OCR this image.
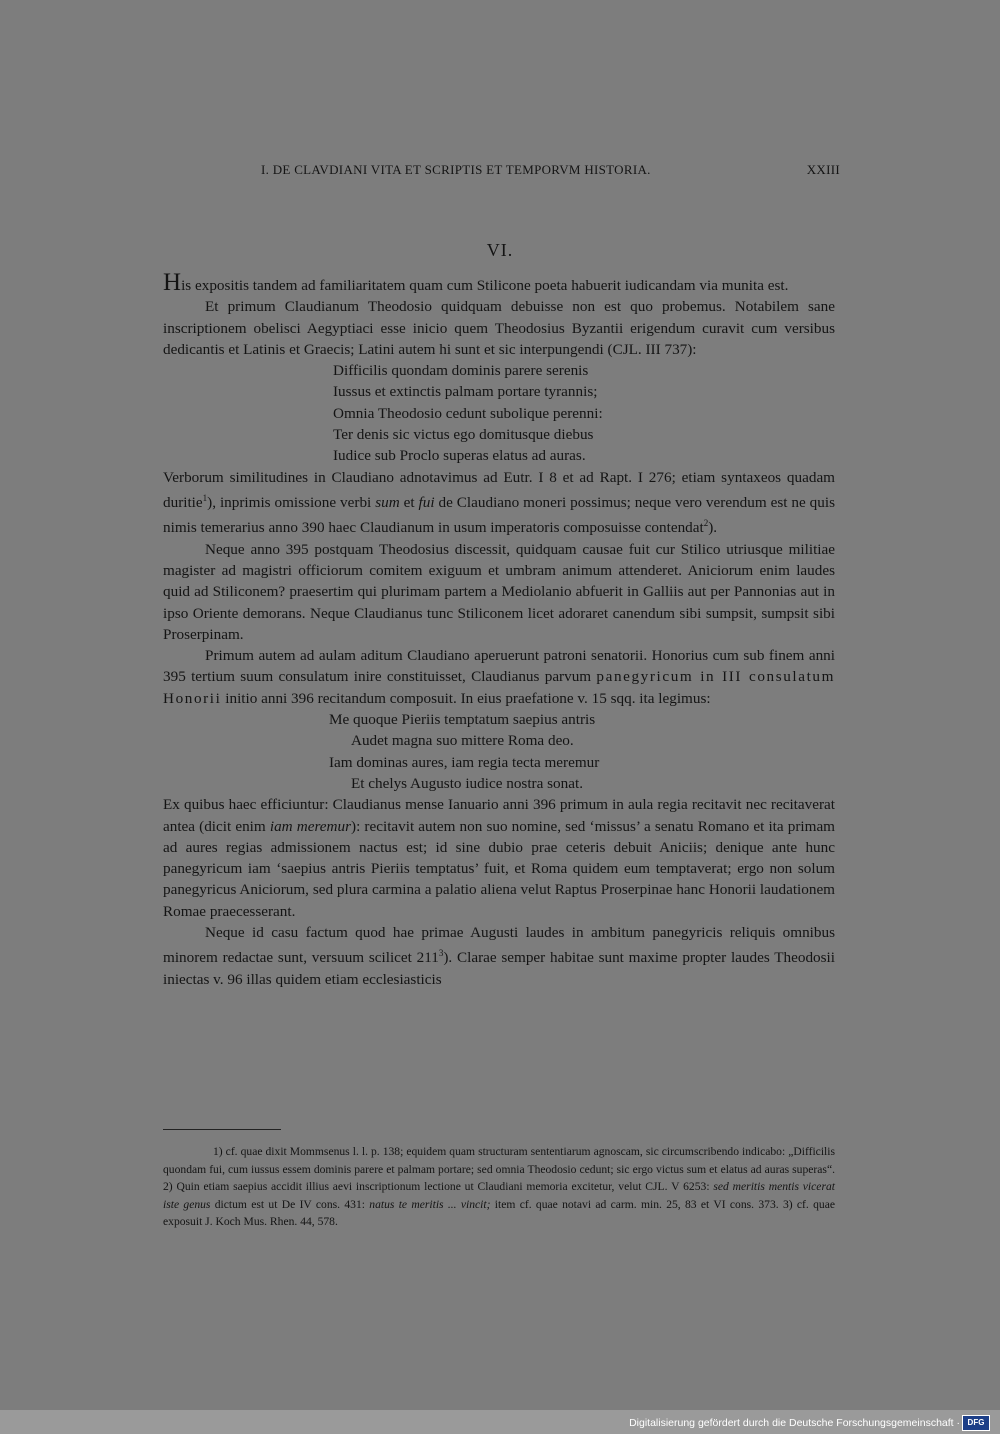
I. DE CLAVDIANI VITA ET SCRIPTIS ET TEMPORVM HISTORIA.	XXIII
VI.

His expositis tandem ad familiaritatem quam cum Stilicone poeta habuerit iudicandam via munita est.

Et primum Claudianum Theodosio quidquam debuisse non est quo probemus. Notabilem sane inscriptionem obelisci Aegyptiaci esse inicio quem Theodosius Byzantii erigendum curavit cum versibus dedicantis et Latinis et Graecis; Latini autem hi sunt et sic interpungendi (CJL. III 737):

Difficilis quondam dominis parere serenis
Iussus et extinctis palmam portare tyrannis;
Omnia Theodosio cedunt subolique perenni:
Ter denis sic victus ego domitusque diebus
Iudice sub Proclo superas elatus ad auras.

Verborum similitudines in Claudiano adnotavimus ad Eutr. I 8 et ad Rapt. I 276; etiam syntaxeos quadam duritie$^1$), inprimis omissione verbi sum et fui de Claudiano moneri possimus; neque vero verendum est ne quis nimis temerarius anno 390 haec Claudianum in usum imperatoris composuisse contendat$^2$).

Neque anno 395 postquam Theodosius discessit, quidquam causae fuit cur Stilico utriusque militiae magister ad magistri officiorum comitem exiguum et umbram animum attenderet. Aniciorum enim laudes quid ad Stiliconem? praesertim qui plurimam partem a Mediolanio abfuerit in Galliis aut per Pannonias aut in ipso Oriente demorans. Neque Claudianus tunc Stiliconem licet adoraret canendum sibi sumpsit, sumpsit sibi Proserpinam.

Primum autem ad aulam aditum Claudiano aperuerunt patroni senatorii. Honorius cum sub finem anni 395 tertium suum consulatum inire constituisset, Claudianus parvum panegyricum in III consulatum Honorii initio anni 396 recitandum composuit. In eius praefatione v. 15 sqq. ita legimus:

Me quoque Pieriis temptatum saepius antris
Audet magna suo mittere Roma deo.
Iam dominas aures, iam regia tecta meremur
Et chelys Augusto iudice nostra sonat.

Ex quibus haec efficiuntur: Claudianus mense Ianuario anni 396 primum in aula regia recitavit nec recitaverat antea (dicit enim iam meremur): recitavit autem non suo nomine, sed ‘missus’ a senatu Romano et ita primam ad aures regias admissionem nactus est; id sine dubio prae ceteris debuit Aniciis; denique ante hunc panegyricum iam ‘saepius antris Pieriis temptatus’ fuit, et Roma quidem eum temptaverat; ergo non solum panegyricus Aniciorum, sed plura carmina a palatio aliena velut Raptus Proserpinae hanc Honorii laudationem Romae praecesserant.

Neque id casu factum quod hae primae Augusti laudes in ambitum panegyricis reliquis omnibus minorem redactae sunt, versuum scilicet $211^3$). Clarae semper habitae sunt maxime propter laudes Theodosii iniectas v. 96 illas quidem etiam ecclesiasticis

1) cf. quae dixit Mommsenus l. l. p. 138; equidem quam structuram sententiarum agnoscam, sic circumscribendo indicabo: „Difficilis quondam fui, cum iussus essem dominis parere et palmam portare; sed omnia Theodosio cedunt; sic ergo victus sum et elatus ad auras superas“. 2) Quin etiam saepius accidit illius aevi inscriptionum lectione ut Claudiani memoria excitetur, velut CJL. V 6253: sed meritis mentis vicerat iste genus dictum est ut De IV cons. 431: natus te meritis ... vincit; item cf. quae notavi ad carm. min. 25, 83 et VI cons. 373. 3) cf. quae exposuit J. Koch Mus. Rhen. 44, 578.

Digitalisierung gefördert durch die Deutsche Forschungsgemeinschaft · DFG
